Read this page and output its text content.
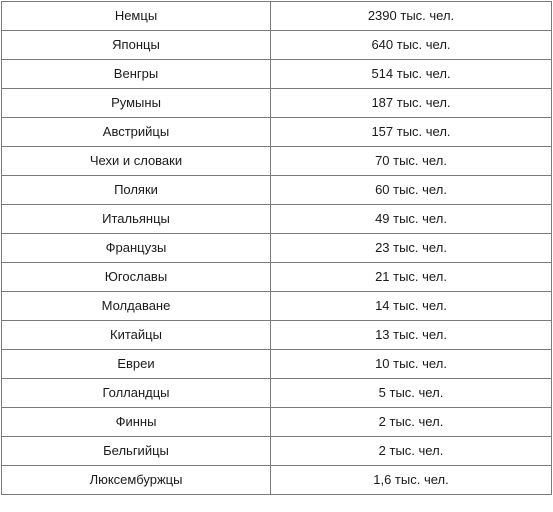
Немцы	2390 тыс. чел.
Японцы	640 тыс. чел.
Венгры	514 тыс. чел.
Румыны	187 тыс. чел.
Австрийцы	157 тыс. чел.
Чехи и словаки	70 тыс. чел.
Поляки	60 тыс. чел.
Итальянцы	49 тыс. чел.
Французы	23 тыс. чел.
Югославы	21 тыс. чел.
Молдаване	14 тыс. чел.
Китайцы	13 тыс. чел.
Евреи	10 тыс. чел.
Голландцы	5 тыс. чел.
Финны	2 тыс. чел.
Бельгийцы	2 тыс. чел.
Люксембуржцы	1,6 тыс. чел.
